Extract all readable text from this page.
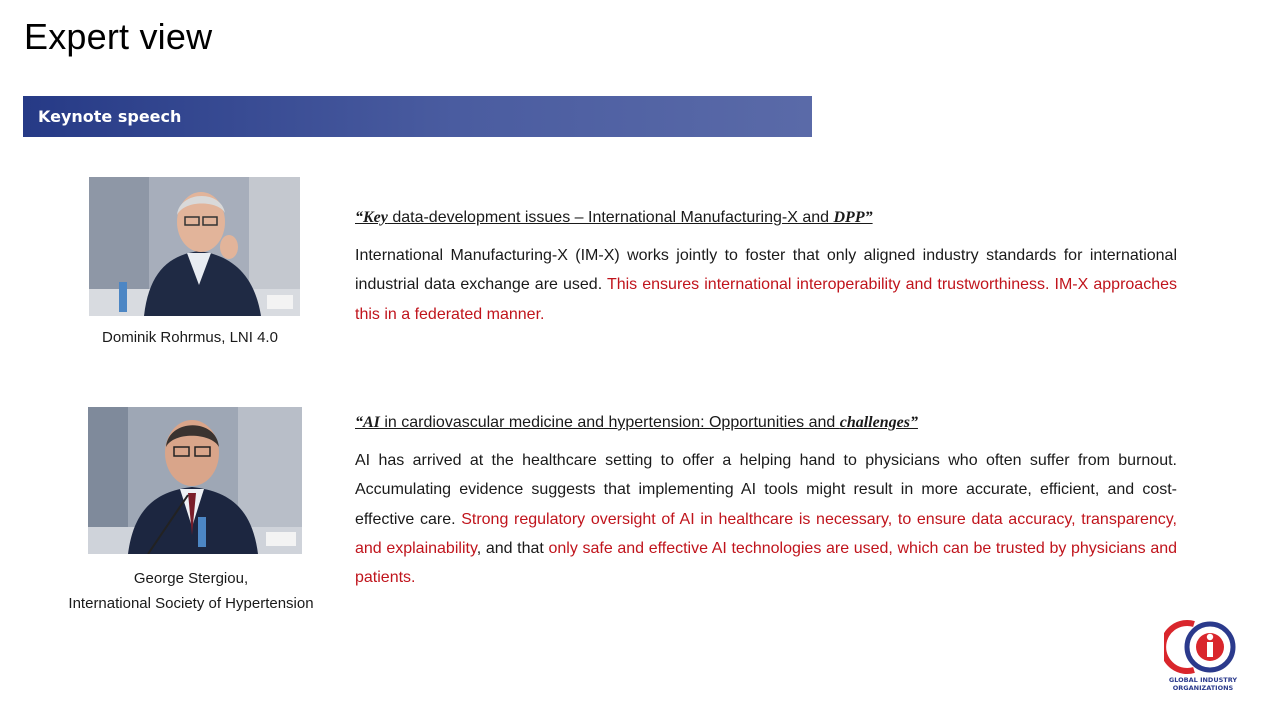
Expert view
Keynote speech

Dominik Rohrmus, LNI 4.0

“Key data-development issues – International Manufacturing-X and DPP”

International Manufacturing-X (IM-X) works jointly to foster that only aligned industry standards for international industrial data exchange are used. This ensures international interoperability and trustworthiness. IM-X approaches this in a federated manner.

George Stergiou,
International Society of Hypertension

“AI in cardiovascular medicine and hypertension: Opportunities and challenges”

AI has arrived at the healthcare setting to offer a helping hand to physicians who often suffer from burnout. Accumulating evidence suggests that implementing AI tools might result in more accurate, efficient, and cost-effective care. Strong regulatory oversight of AI in healthcare is necessary, to ensure data accuracy, transparency, and explainability, and that only safe and effective AI technologies are used, which can be trusted by physicians and patients.

GLOBAL INDUSTRY
ORGANIZATIONS
